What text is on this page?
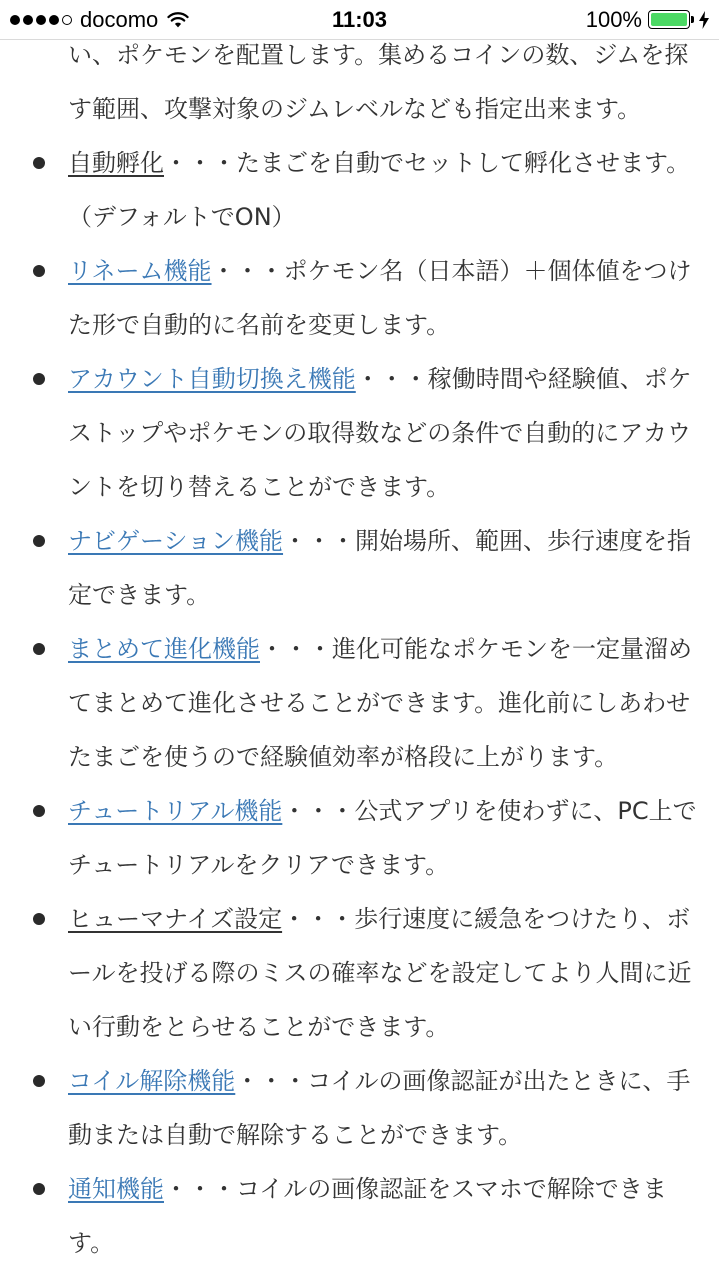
docomo	11:03	100%

い、ポケモンを配置します。集めるコインの数、ジムを探す範囲、攻撃対象のジムレベルなども指定出来ます。

自動孵化・・・たまごを自動でセットして孵化させます。（デフォルトでON）
リネーム機能・・・ポケモン名（日本語）＋個体値をつけた形で自動的に名前を変更します。
アカウント自動切換え機能・・・稼働時間や経験値、ポケストップやポケモンの取得数などの条件で自動的にアカウントを切り替えることができます。
ナビゲーション機能・・・開始場所、範囲、歩行速度を指定できます。
まとめて進化機能・・・進化可能なポケモンを一定量溜めてまとめて進化させることができます。進化前にしあわせたまごを使うので経験値効率が格段に上がります。
チュートリアル機能・・・公式アプリを使わずに、PC上でチュートリアルをクリアできます。
ヒューマナイズ設定・・・歩行速度に緩急をつけたり、ボールを投げる際のミスの確率などを設定してより人間に近い行動をとらせることができます。
コイル解除機能・・・コイルの画像認証が出たときに、手動または自動で解除することができます。
通知機能・・・コイルの画像認証をスマホで解除できます。
